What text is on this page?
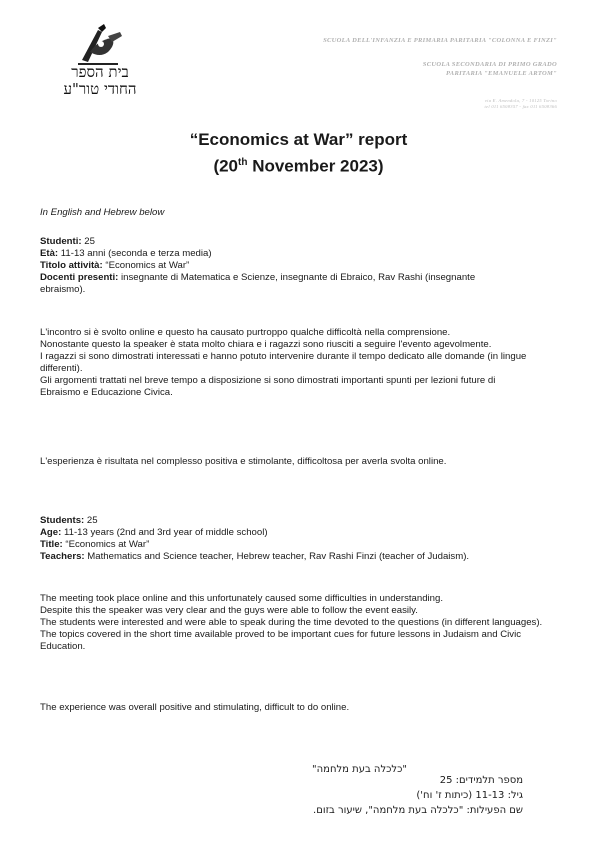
בית הספר
החודי טור"ע
SCUOLA DELL'INFANZIA E PRIMARIA PARITARIA "COLONNA E FINZI"
SCUOLA SECONDARIA DI PRIMO GRADO
PARITARIA "EMANUELE ARTOM"
via E. Amendola, 7 - 10125 Torino
tel 011 6508357 - fax 011 6508366
“Economics at War” report
(20th November 2023)
In English and Hebrew below

Studenti: 25

Età: 11-13 anni (seconda e terza media)

Titolo attività: “Economics at War”

Docenti presenti: insegnante di Matematica e Scienze, insegnante di Ebraico, Rav Rashi (insegnante ebraismo).

L'incontro si è svolto online e questo ha causato purtroppo qualche difficoltà nella comprensione.

Nonostante questo la speaker è stata molto chiara e i ragazzi sono riusciti a seguire l'evento agevolmente.

I ragazzi si sono dimostrati interessati e hanno potuto intervenire durante il tempo dedicato alle domande (in lingue differenti).

Gli argomenti trattati nel breve tempo a disposizione si sono dimostrati importanti spunti per lezioni future di Ebraismo e Educazione Civica.

L'esperienza è risultata nel complesso positiva e stimolante, difficoltosa per averla svolta online.

Students: 25

Age: 11-13 years (2nd and 3rd year of middle school)

Title: “Economics at War”

Teachers: Mathematics and Science teacher, Hebrew teacher, Rav Rashi Finzi (teacher of Judaism).

The meeting took place online and this unfortunately caused some difficulties in understanding.

Despite this the speaker was very clear and the guys were able to follow the event easily.

The students were interested and were able to speak during the time devoted to the questions (in different languages).

The topics covered in the short time available proved to be important cues for future lessons in Judaism and Civic Education.

The experience was overall positive and stimulating, difficult to do online.
"כלכלה בעת מלחמה"
מספר תלמידים: 25
גיל: 11-13 (כיתות ז' וח')
שם הפעילות: "כלכלה בעת מלחמה", שיעור בזום.
